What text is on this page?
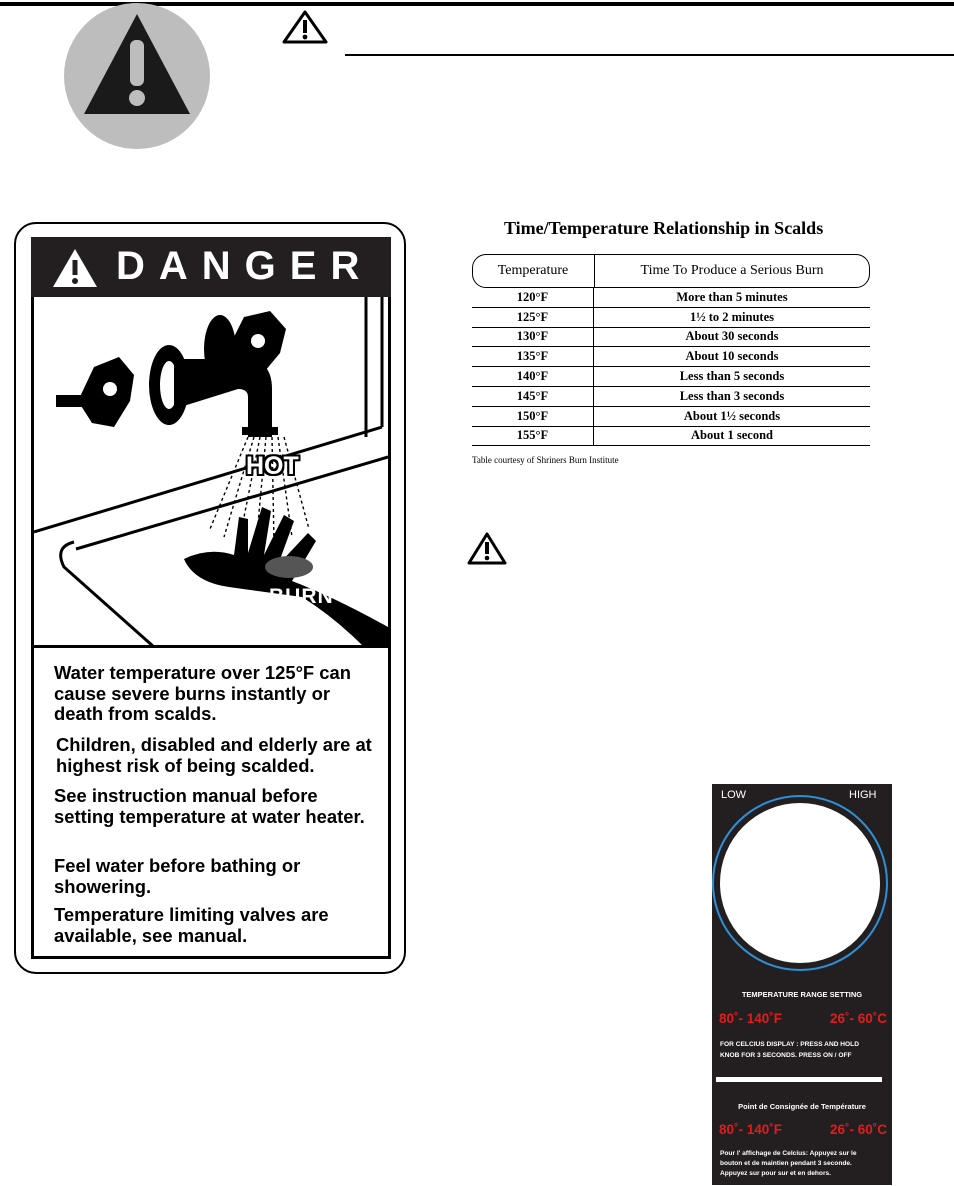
DANGER
HOT
BURN
Water temperature over 125°F can cause severe burns instantly or death from scalds.
Children, disabled and elderly are at highest risk of being scalded.
See instruction manual before setting temperature at water heater.
Feel water before bathing or showering.
Temperature limiting valves are available, see manual.
Time/Temperature Relationship in Scalds
Temperature	Time To Produce a Serious Burn
120°F	More than 5 minutes
125°F	1½ to 2 minutes
130°F	About 30 seconds
135°F	About 10 seconds
140°F	Less than 5 seconds
145°F	Less than 3 seconds
150°F	About 1½ seconds
155°F	About 1 second
Table courtesy of Shriners Burn Institute
LOW	HIGH
TEMPERATURE RANGE SETTING
80˚- 140˚F	26˚- 60˚C
FOR CELCIUS DISPLAY : PRESS AND HOLD
KNOB FOR 3 SECONDS. PRESS ON / OFF
Point de Consignée de Température
80˚- 140˚F	26˚- 60˚C
Pour l' affichage de Celcius: Appuyez sur le
bouton et de maintien pendant 3 seconde.
Appuyez sur pour sur et en dehors.
